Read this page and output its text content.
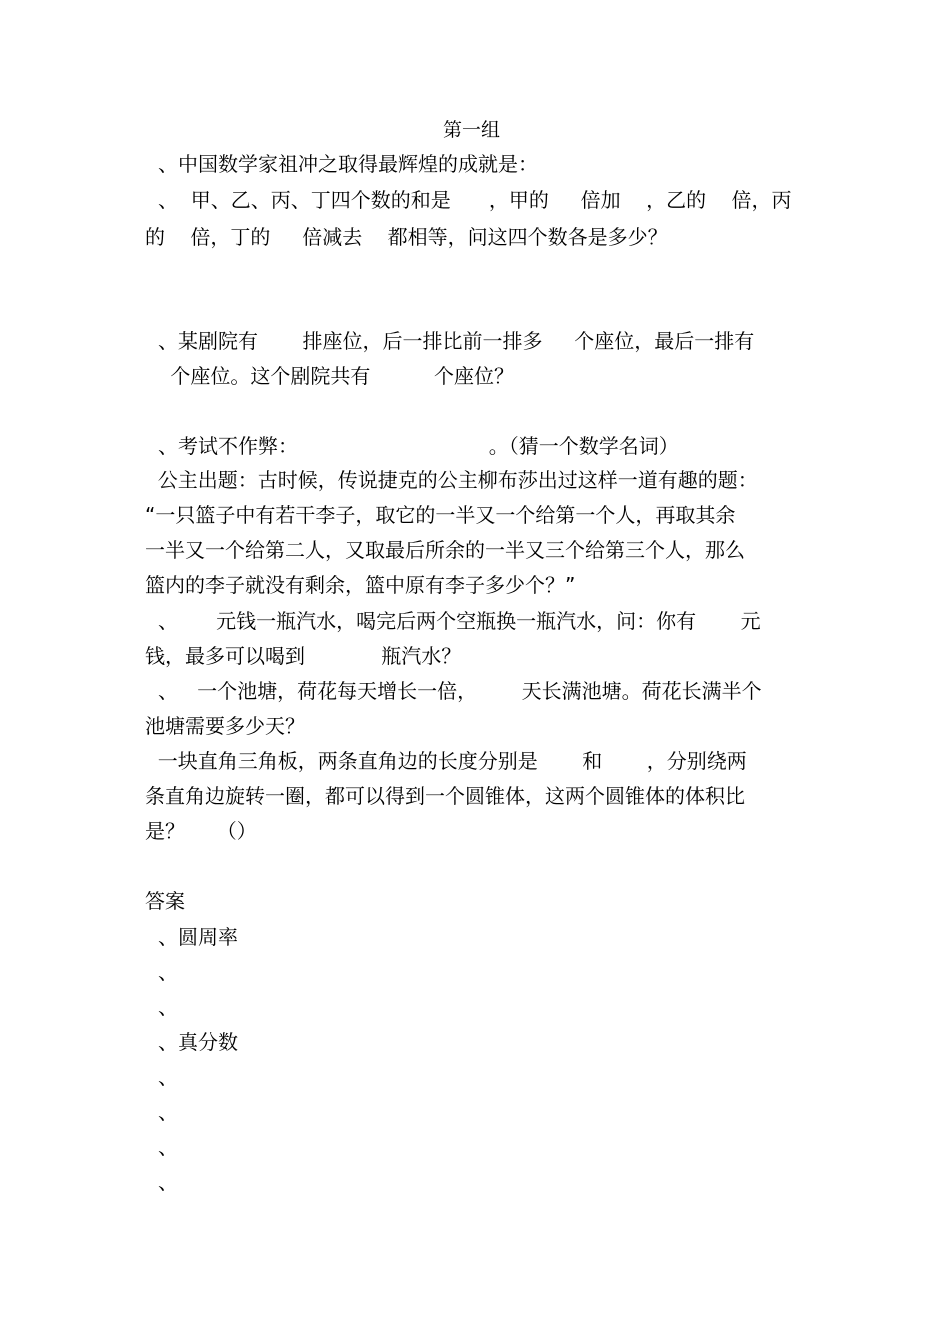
第一组
、中国数学家祖冲之取得最辉煌的成就是：
、  甲、乙、丙、丁四个数的和是      ，甲的     倍加    ，乙的    倍，丙
的    倍，丁的     倍减去    都相等，问这四个数各是多少？
、某剧院有       排座位，后一排比前一排多     个座位，最后一排有
个座位。这个剧院共有          个座位？
、考试不作弊：                              。（猜一个数学名词）
公主出题：古时候，传说捷克的公主柳布莎出过这样一道有趣的题：
“一只篮子中有若干李子，取它的一半又一个给第一个人，再取其余
一半又一个给第二人，又取最后所余的一半又三个给第三个人，那么
篮内的李子就没有剩余，篮中原有李子多少个？”
、      元钱一瓶汽水，喝完后两个空瓶换一瓶汽水，问：你有       元
钱，最多可以喝到            瓶汽水？
、   一个池塘，荷花每天增长一倍，       天长满池塘。荷花长满半个
池塘需要多少天？
一块直角三角板，两条直角边的长度分别是       和       ，分别绕两
条直角边旋转一圈，都可以得到一个圆锥体，这两个圆锥体的体积比
是？     （）
答案
、圆周率
、
、
、真分数
、
、
、
、
